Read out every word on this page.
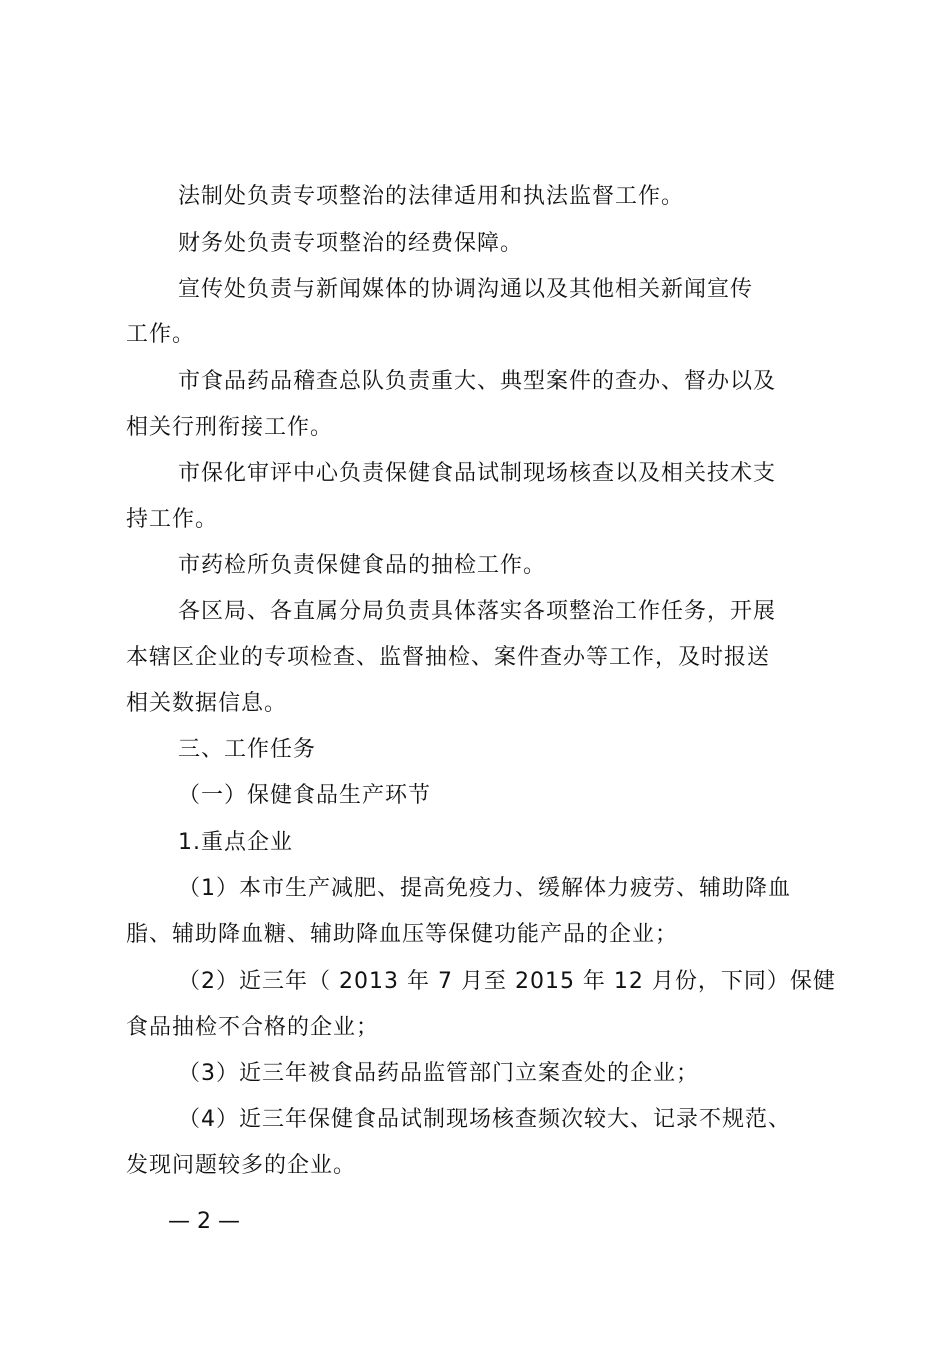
法制处负责专项整治的法律适用和执法监督工作。
财务处负责专项整治的经费保障。
宣传处负责与新闻媒体的协调沟通以及其他相关新闻宣传
工作。
市食品药品稽查总队负责重大、典型案件的查办、督办以及
相关行刑衔接工作。
市保化审评中心负责保健食品试制现场核查以及相关技术支
持工作。
市药检所负责保健食品的抽检工作。
各区局、各直属分局负责具体落实各项整治工作任务，开展
本辖区企业的专项检查、监督抽检、案件查办等工作，及时报送
相关数据信息。
三、工作任务
（一）保健食品生产环节
1.重点企业
（1）本市生产减肥、提高免疫力、缓解体力疲劳、辅助降血
脂、辅助降血糖、辅助降血压等保健功能产品的企业；
（2）近三年（ 2013 年 7 月至 2015 年 12 月份，下同）保健
食品抽检不合格的企业；
（3）近三年被食品药品监管部门立案查处的企业；
（4）近三年保健食品试制现场核查频次较大、记录不规范、
发现问题较多的企业。
— 2 —
